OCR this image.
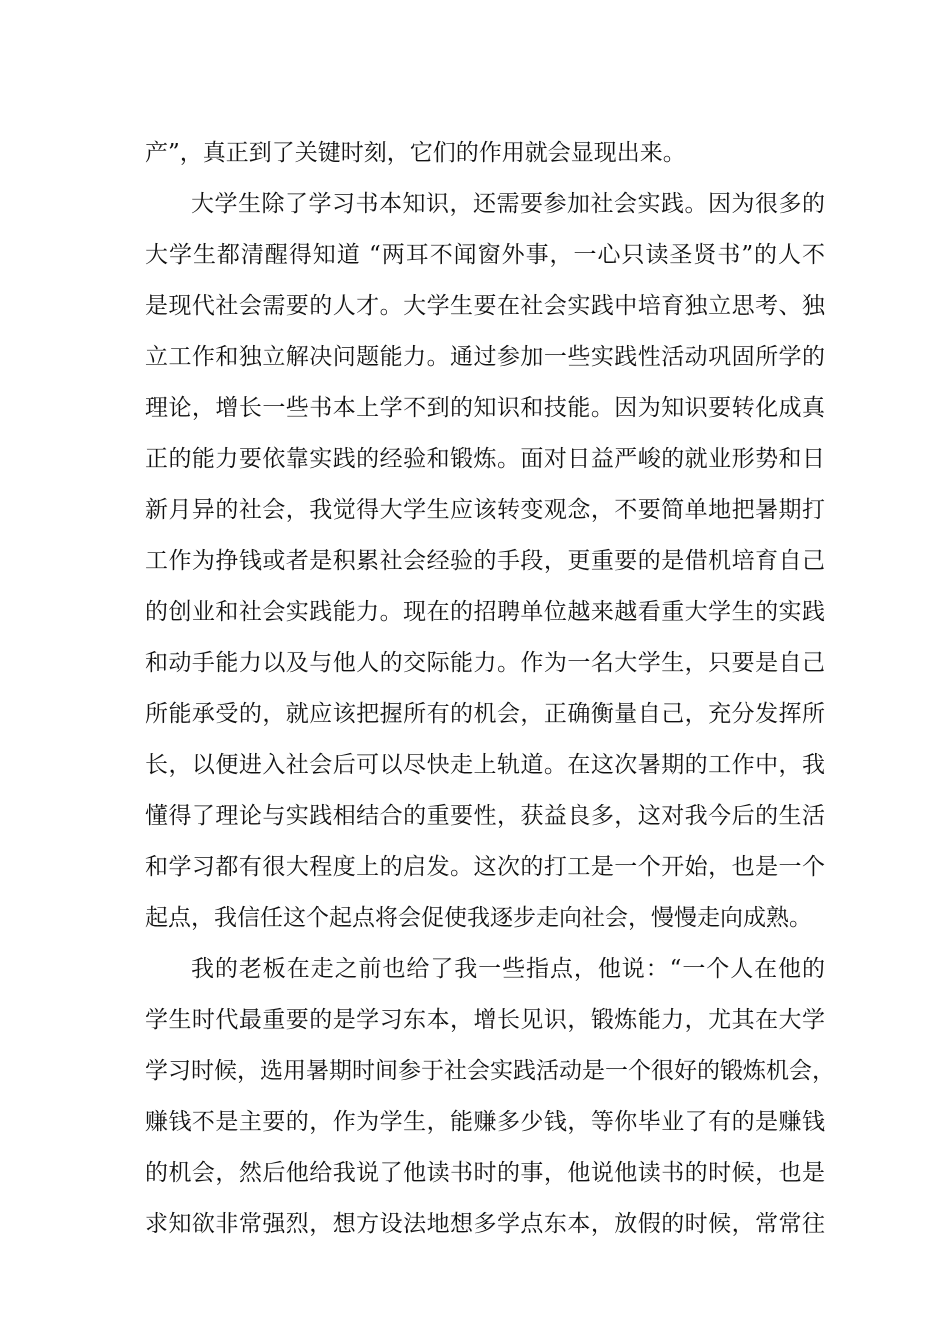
产”，真正到了关键时刻，它们的作用就会显现出来。
大学生除了学习书本知识，还需要参加社会实践。因为很多的
大学生都清醒得知道 “两耳不闻窗外事，一心只读圣贤书”的人不
是现代社会需要的人才。大学生要在社会实践中培育独立思考、独
立工作和独立解决问题能力。通过参加一些实践性活动巩固所学的
理论，增长一些书本上学不到的知识和技能。因为知识要转化成真
正的能力要依靠实践的经验和锻炼。面对日益严峻的就业形势和日
新月异的社会，我觉得大学生应该转变观念，不要简单地把暑期打
工作为挣钱或者是积累社会经验的手段，更重要的是借机培育自己
的创业和社会实践能力。现在的招聘单位越来越看重大学生的实践
和动手能力以及与他人的交际能力。作为一名大学生，只要是自己
所能承受的，就应该把握所有的机会，正确衡量自己，充分发挥所
长，以便进入社会后可以尽快走上轨道。在这次暑期的工作中，我
懂得了理论与实践相结合的重要性，获益良多，这对我今后的生活
和学习都有很大程度上的启发。这次的打工是一个开始，也是一个
起点，我信任这个起点将会促使我逐步走向社会，慢慢走向成熟。
我的老板在走之前也给了我一些指点，他说：“一个人在他的
学生时代最重要的是学习东本，增长见识，锻炼能力，尤其在大学
学习时候，选用暑期时间参于社会实践活动是一个很好的锻炼机会，
赚钱不是主要的，作为学生，能赚多少钱，等你毕业了有的是赚钱
的机会，然后他给我说了他读书时的事，他说他读书的时候，也是
求知欲非常强烈，想方设法地想多学点东本，放假的时候，常常往
